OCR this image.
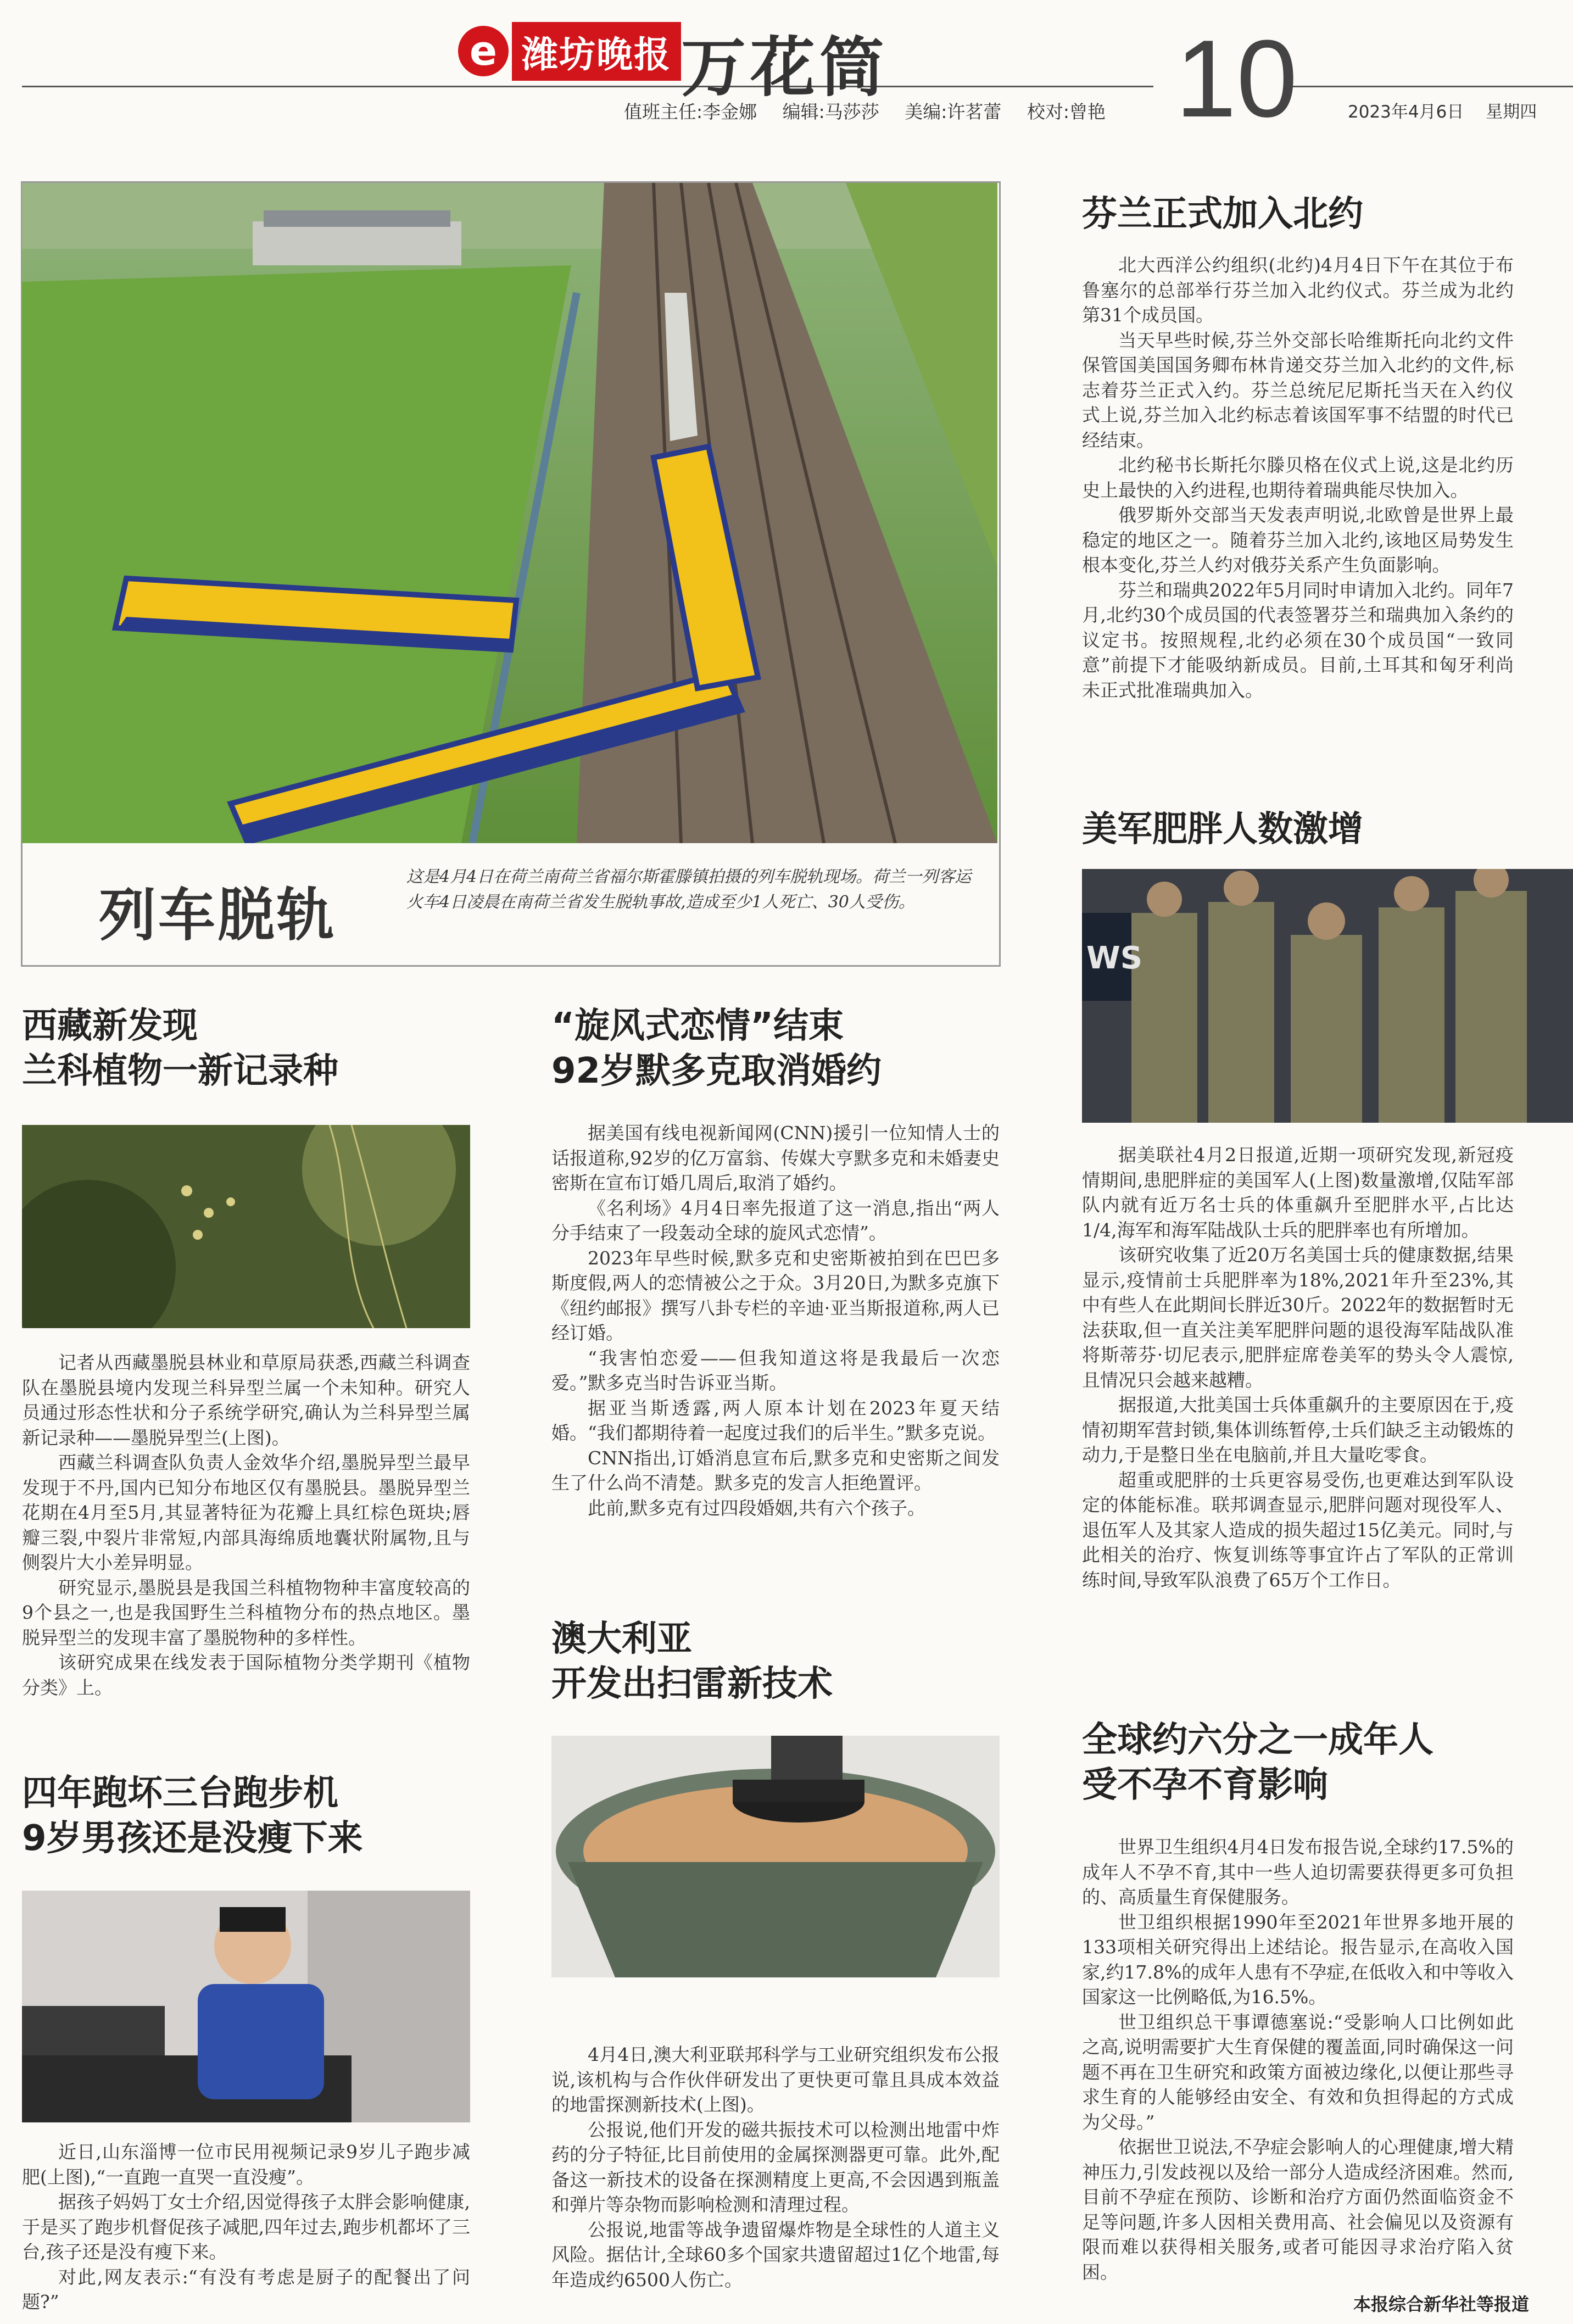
e 潍坊晚报 万花筒	10
值班主任:李金娜 编辑:马莎莎 美编:许茗蕾 校对:曾艳	2023年4月6日 星期四
列车脱轨
这是4月4日在荷兰南荷兰省福尔斯霍滕镇拍摄的列车脱轨现场。荷兰一列客运火车4日凌晨在南荷兰省发生脱轨事故,造成至少1人死亡、30人受伤。
芬兰正式加入北约

北大西洋公约组织(北约)4月4日下午在其位于布鲁塞尔的总部举行芬兰加入北约仪式。芬兰成为北约第31个成员国。

当天早些时候,芬兰外交部长哈维斯托向北约文件保管国美国国务卿布林肯递交芬兰加入北约的文件,标志着芬兰正式入约。芬兰总统尼尼斯托当天在入约仪式上说,芬兰加入北约标志着该国军事不结盟的时代已经结束。

北约秘书长斯托尔滕贝格在仪式上说,这是北约历史上最快的入约进程,也期待着瑞典能尽快加入。

俄罗斯外交部当天发表声明说,北欧曾是世界上最稳定的地区之一。随着芬兰加入北约,该地区局势发生根本变化,芬兰人约对俄芬关系产生负面影响。

芬兰和瑞典2022年5月同时申请加入北约。同年7月,北约30个成员国的代表签署芬兰和瑞典加入条约的议定书。按照规程,北约必须在30个成员国“一致同意”前提下才能吸纳新成员。目前,土耳其和匈牙利尚未正式批准瑞典加入。

美军肥胖人数激增
WS

据美联社4月2日报道,近期一项研究发现,新冠疫情期间,患肥胖症的美国军人(上图)数量激增,仅陆军部队内就有近万名士兵的体重飙升至肥胖水平,占比达1/4,海军和海军陆战队士兵的肥胖率也有所增加。

该研究收集了近20万名美国士兵的健康数据,结果显示,疫情前士兵肥胖率为18%,2021年升至23%,其中有些人在此期间长胖近30斤。2022年的数据暂时无法获取,但一直关注美军肥胖问题的退役海军陆战队准将斯蒂芬·切尼表示,肥胖症席卷美军的势头令人震惊,且情况只会越来越糟。

据报道,大批美国士兵体重飙升的主要原因在于,疫情初期军营封锁,集体训练暂停,士兵们缺乏主动锻炼的动力,于是整日坐在电脑前,并且大量吃零食。

超重或肥胖的士兵更容易受伤,也更难达到军队设定的体能标准。联邦调查显示,肥胖问题对现役军人、退伍军人及其家人造成的损失超过15亿美元。同时,与此相关的治疗、恢复训练等事宜许占了军队的正常训练时间,导致军队浪费了65万个工作日。

全球约六分之一成年人
受不孕不育影响

世界卫生组织4月4日发布报告说,全球约17.5%的成年人不孕不育,其中一些人迫切需要获得更多可负担的、高质量生育保健服务。

世卫组织根据1990年至2021年世界多地开展的133项相关研究得出上述结论。报告显示,在高收入国家,约17.8%的成年人患有不孕症,在低收入和中等收入国家这一比例略低,为16.5%。

世卫组织总干事谭德塞说:“受影响人口比例如此之高,说明需要扩大生育保健的覆盖面,同时确保这一问题不再在卫生研究和政策方面被边缘化,以便让那些寻求生育的人能够经由安全、有效和负担得起的方式成为父母。”

依据世卫说法,不孕症会影响人的心理健康,增大精神压力,引发歧视以及给一部分人造成经济困难。然而,目前不孕症在预防、诊断和治疗方面仍然面临资金不足等问题,许多人因相关费用高、社会偏见以及资源有限而难以获得相关服务,或者可能因寻求治疗陷入贫困。

西藏新发现
兰科植物一新记录种

记者从西藏墨脱县林业和草原局获悉,西藏兰科调查队在墨脱县境内发现兰科异型兰属一个未知种。研究人员通过形态性状和分子系统学研究,确认为兰科异型兰属新记录种——墨脱异型兰(上图)。

西藏兰科调查队负责人金效华介绍,墨脱异型兰最早发现于不丹,国内已知分布地区仅有墨脱县。墨脱异型兰花期在4月至5月,其显著特征为花瓣上具红棕色斑块;唇瓣三裂,中裂片非常短,内部具海绵质地囊状附属物,且与侧裂片大小差异明显。

研究显示,墨脱县是我国兰科植物物种丰富度较高的9个县之一,也是我国野生兰科植物分布的热点地区。墨脱异型兰的发现丰富了墨脱物种的多样性。

该研究成果在线发表于国际植物分类学期刊《植物分类》上。

四年跑坏三台跑步机
9岁男孩还是没瘦下来

近日,山东淄博一位市民用视频记录9岁儿子跑步减肥(上图),“一直跑一直哭一直没瘦”。

据孩子妈妈丁女士介绍,因觉得孩子太胖会影响健康,于是买了跑步机督促孩子减肥,四年过去,跑步机都坏了三台,孩子还是没有瘦下来。

对此,网友表示:“有没有考虑是厨子的配餐出了问题?”

“旋风式恋情”结束
92岁默多克取消婚约

据美国有线电视新闻网(CNN)援引一位知情人士的话报道称,92岁的亿万富翁、传媒大亨默多克和未婚妻史密斯在宣布订婚几周后,取消了婚约。

《名利场》4月4日率先报道了这一消息,指出“两人分手结束了一段轰动全球的旋风式恋情”。

2023年早些时候,默多克和史密斯被拍到在巴巴多斯度假,两人的恋情被公之于众。3月20日,为默多克旗下《纽约邮报》撰写八卦专栏的辛迪·亚当斯报道称,两人已经订婚。

“我害怕恋爱——但我知道这将是我最后一次恋爱。”默多克当时告诉亚当斯。

据亚当斯透露,两人原本计划在2023年夏天结婚。“我们都期待着一起度过我们的后半生。”默多克说。

CNN指出,订婚消息宣布后,默多克和史密斯之间发生了什么尚不清楚。默多克的发言人拒绝置评。

此前,默多克有过四段婚姻,共有六个孩子。

澳大利亚
开发出扫雷新技术

4月4日,澳大利亚联邦科学与工业研究组织发布公报说,该机构与合作伙伴研发出了更快更可靠且具成本效益的地雷探测新技术(上图)。

公报说,他们开发的磁共振技术可以检测出地雷中炸药的分子特征,比目前使用的金属探测器更可靠。此外,配备这一新技术的设备在探测精度上更高,不会因遇到瓶盖和弹片等杂物而影响检测和清理过程。

公报说,地雷等战争遗留爆炸物是全球性的人道主义风险。据估计,全球60多个国家共遗留超过1亿个地雷,每年造成约6500人伤亡。

本报综合新华社等报道
